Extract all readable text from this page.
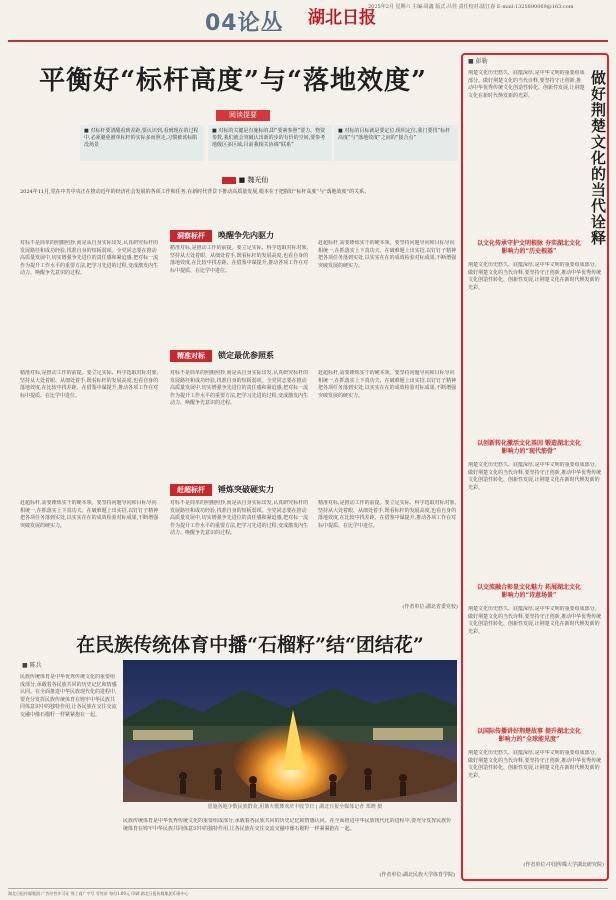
04论丛 湖北日报
2025年2月 星期六 主编:周鑫 版式:吕佳 责任校对:陆江春 E-mail:1325890069@163.com
平衡好“标杆高度”与“落地效度”
阅读提要
■ 对标杆要清醒看到差距,要认识到,看到现在的过程中,必须避免被单标杆的实际多而照走,习惯被该标陷没场景
■ 对标的关键是有施标的,即“要素参照”要力、物资参数,我们就会突破认出新的步的有价的空间,要参考地级区多区域,目前我相关协调“联系”
■ 对标的目标就是要定位,组织定位,我门要找“标杆高度”与“落地效度”之间的“接合点”
■ 魏光仙
2024年11月,党在中共中央正在推动近年的经济社会发展的各项工作和任务,在新时代背景下推动高质量发展,根本在于把握好“标杆高度”与“落地效度”的关系。
对标不是简单的照搬照抄,而是从自身实际出发,认真研究标杆的发展路径和成功经验,找准自身的短板弱项。全党同志要在推动高质量发展中,切实增强争先进位的责任感和紧迫感,把对标一流作为提升工作水平的重要方法,把学习先进的过程,变成激发内生动力、唤醒争先意识的过程。
洞察标杆 唤醒争先内驱力
精准对标,是推动工作的前提。要立足实际、科学选取对标对象,坚持从大处着眼、从细处着手,既看标杆的发展高度,也看自身的落地效度,在比较中找差距、在借鉴中谋提升,推动各项工作在对标中提质、在比学中进位。
赶超标杆,需要锤炼实干的硬本领。要坚持问题导向和目标导向相统一,在抓落实上下真功夫、在破难题上出实招,以钉钉子精神把各项任务落到实处,以实实在在的成效检验对标成果,不断增强突破发展的硬实力。
精准对标 锁定最优参照系
精准对标,是推动工作的前提。要立足实际、科学选取对标对象,坚持从大处着眼、从细处着手,既看标杆的发展高度,也看自身的落地效度,在比较中找差距、在借鉴中谋提升,推动各项工作在对标中提质、在比学中进位。
对标不是简单的照搬照抄,而是从自身实际出发,认真研究标杆的发展路径和成功经验,找准自身的短板弱项。全党同志要在推动高质量发展中,切实增强争先进位的责任感和紧迫感,把对标一流作为提升工作水平的重要方法,把学习先进的过程,变成激发内生动力、唤醒争先意识的过程。
赶超标杆,需要锤炼实干的硬本领。要坚持问题导向和目标导向相统一,在抓落实上下真功夫、在破难题上出实招,以钉钉子精神把各项任务落到实处,以实实在在的成效检验对标成果,不断增强突破发展的硬实力。
赶超标杆 锤炼突破硬实力
赶超标杆,需要锤炼实干的硬本领。要坚持问题导向和目标导向相统一,在抓落实上下真功夫、在破难题上出实招,以钉钉子精神把各项任务落到实处,以实实在在的成效检验对标成果,不断增强突破发展的硬实力。
对标不是简单的照搬照抄,而是从自身实际出发,认真研究标杆的发展路径和成功经验,找准自身的短板弱项。全党同志要在推动高质量发展中,切实增强争先进位的责任感和紧迫感,把对标一流作为提升工作水平的重要方法,把学习先进的过程,变成激发内生动力、唤醒争先意识的过程。
精准对标,是推动工作的前提。要立足实际、科学选取对标对象,坚持从大处着眼、从细处着手,既看标杆的发展高度,也看自身的落地效度,在比较中找差距、在借鉴中谋提升,推动各项工作在对标中提质、在比学中进位。
(作者单位:湖北省委党校)
■ 彭勒
做好荆楚文化的当代诠释
荆楚文化历史悠久、底蕴深厚,是中华文明的重要组成部分。做好荆楚文化的当代诠释,要坚持守正创新,推动中华优秀传统文化创造性转化、创新性发展,让荆楚文化在新时代焕发新的光彩。
以文化传承守护文明根脉 夯实湖北文化影响力的“历史根基”
荆楚文化历史悠久、底蕴深厚,是中华文明的重要组成部分。做好荆楚文化的当代诠释,要坚持守正创新,推动中华优秀传统文化创造性转化、创新性发展,让荆楚文化在新时代焕发新的光彩。
以创新转化激活文化基因 锻造湖北文化影响力的“现代筋骨”
荆楚文化历史悠久、底蕴深厚,是中华文明的重要组成部分。做好荆楚文化的当代诠释,要坚持守正创新,推动中华优秀传统文化创造性转化、创新性发展,让荆楚文化在新时代焕发新的光彩。
以交流融合彰显文化魅力 拓展湖北文化影响力的“诗意场景”
荆楚文化历史悠久、底蕴深厚,是中华文明的重要组成部分。做好荆楚文化的当代诠释,要坚持守正创新,推动中华优秀传统文化创造性转化、创新性发展,让荆楚文化在新时代焕发新的光彩。
以国际传播讲好荆楚故事 提升湖北文化影响力的“全球能见度”
荆楚文化历史悠久、底蕴深厚,是中华文明的重要组成部分。做好荆楚文化的当代诠释,要坚持守正创新,推动中华优秀传统文化创造性转化、创新性发展,让荆楚文化在新时代焕发新的光彩。
(作者单位:中国传媒大学湖北研究院)
在民族传统体育中播“石榴籽”结“团结花”
■ 陈兵
民族传统体育是中华优秀传统文化的重要组成部分,承载着各民族共同的历史记忆和情感认同。在全面推进中华民族现代化的进程中,要充分发挥民族传统体育在铸牢中华民族共同体意识中的独特作用,让各民族在交往交流交融中像石榴籽一样紧紧抱在一起。
恩施各地少数民族群众,用篝火歌舞欢庆丰收节日 | 湖北日报全媒体记者 郑晓 摄
民族传统体育是中华优秀传统文化的重要组成部分,承载着各民族共同的历史记忆和情感认同。在全面推进中华民族现代化的进程中,要充分发挥民族传统体育在铸牢中华民族共同体意识中的独特作用,让各民族在交往交流交融中像石榴籽一样紧紧抱在一起。
(作者单位:湖北民族大学体育学院)
湖北日报传媒集团 广告经营许可证 鄂工商广字号 零售价 每份1.00元 印刷:湖北日报传媒集团印务中心
